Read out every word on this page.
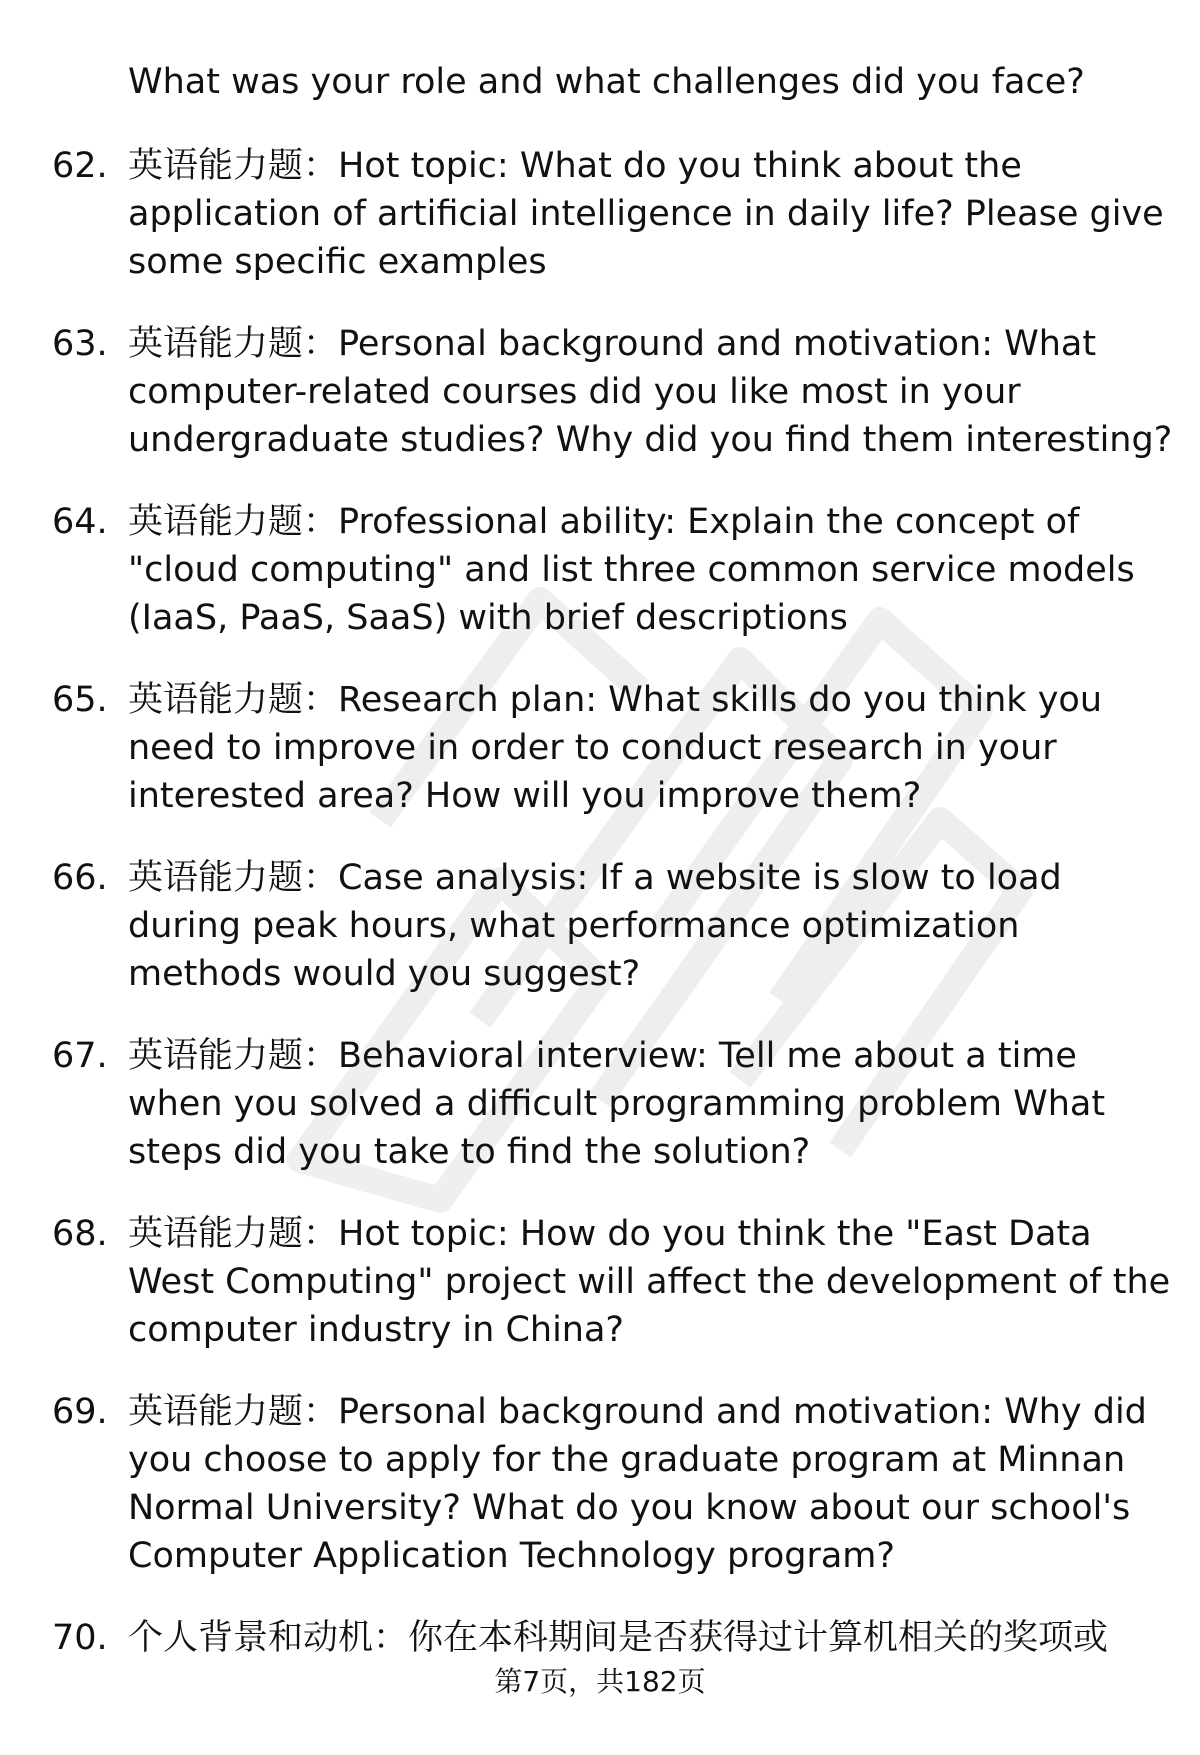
What was your role and what challenges did you face?
62. 英语能力题：Hot topic: What do you think about the application of artificial intelligence in daily life? Please give some specific examples
63. 英语能力题：Personal background and motivation: What computer-related courses did you like most in your undergraduate studies? Why did you find them interesting?
64. 英语能力题：Professional ability: Explain the concept of "cloud computing" and list three common service models (IaaS, PaaS, SaaS) with brief descriptions
65. 英语能力题：Research plan: What skills do you think you need to improve in order to conduct research in your interested area? How will you improve them?
66. 英语能力题：Case analysis: If a website is slow to load during peak hours, what performance optimization methods would you suggest?
67. 英语能力题：Behavioral interview: Tell me about a time when you solved a difficult programming problem What steps did you take to find the solution?
68. 英语能力题：Hot topic: How do you think the "East Data West Computing" project will affect the development of the computer industry in China?
69. 英语能力题：Personal background and motivation: Why did you choose to apply for the graduate program at Minnan Normal University? What do you know about our school's Computer Application Technology program?
70. 个人背景和动机：你在本科期间是否获得过计算机相关的奖项或
第7页，共182页
